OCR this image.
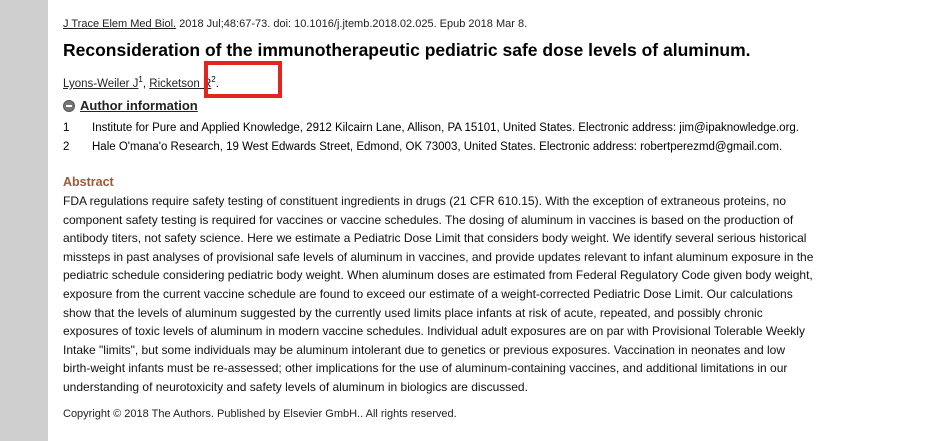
J Trace Elem Med Biol. 2018 Jul;48:67-73. doi: 10.1016/j.jtemb.2018.02.025. Epub 2018 Mar 8.
Reconsideration of the immunotherapeutic pediatric safe dose levels of aluminum.
Lyons-Weiler $J^1$, Ricketson $R^2$.
Author information
1 Institute for Pure and Applied Knowledge, 2912 Kilcairn Lane, Allison, PA 15101, United States. Electronic address: jim@ipaknowledge.org.
2 Hale O'mana'o Research, 19 West Edwards Street, Edmond, OK 73003, United States. Electronic address: robertperezmd@gmail.com.
Abstract
FDA regulations require safety testing of constituent ingredients in drugs (21 CFR 610.15). With the exception of extraneous proteins, no
component safety testing is required for vaccines or vaccine schedules. The dosing of aluminum in vaccines is based on the production of
antibody titers, not safety science. Here we estimate a Pediatric Dose Limit that considers body weight. We identify several serious historical
missteps in past analyses of provisional safe levels of aluminum in vaccines, and provide updates relevant to infant aluminum exposure in the
pediatric schedule considering pediatric body weight. When aluminum doses are estimated from Federal Regulatory Code given body weight,
exposure from the current vaccine schedule are found to exceed our estimate of a weight-corrected Pediatric Dose Limit. Our calculations
show that the levels of aluminum suggested by the currently used limits place infants at risk of acute, repeated, and possibly chronic
exposures of toxic levels of aluminum in modern vaccine schedules. Individual adult exposures are on par with Provisional Tolerable Weekly
Intake "limits", but some individuals may be aluminum intolerant due to genetics or previous exposures. Vaccination in neonates and low
birth-weight infants must be re-assessed; other implications for the use of aluminum-containing vaccines, and additional limitations in our
understanding of neurotoxicity and safety levels of aluminum in biologics are discussed.
Copyright © 2018 The Authors. Published by Elsevier GmbH.. All rights reserved.
